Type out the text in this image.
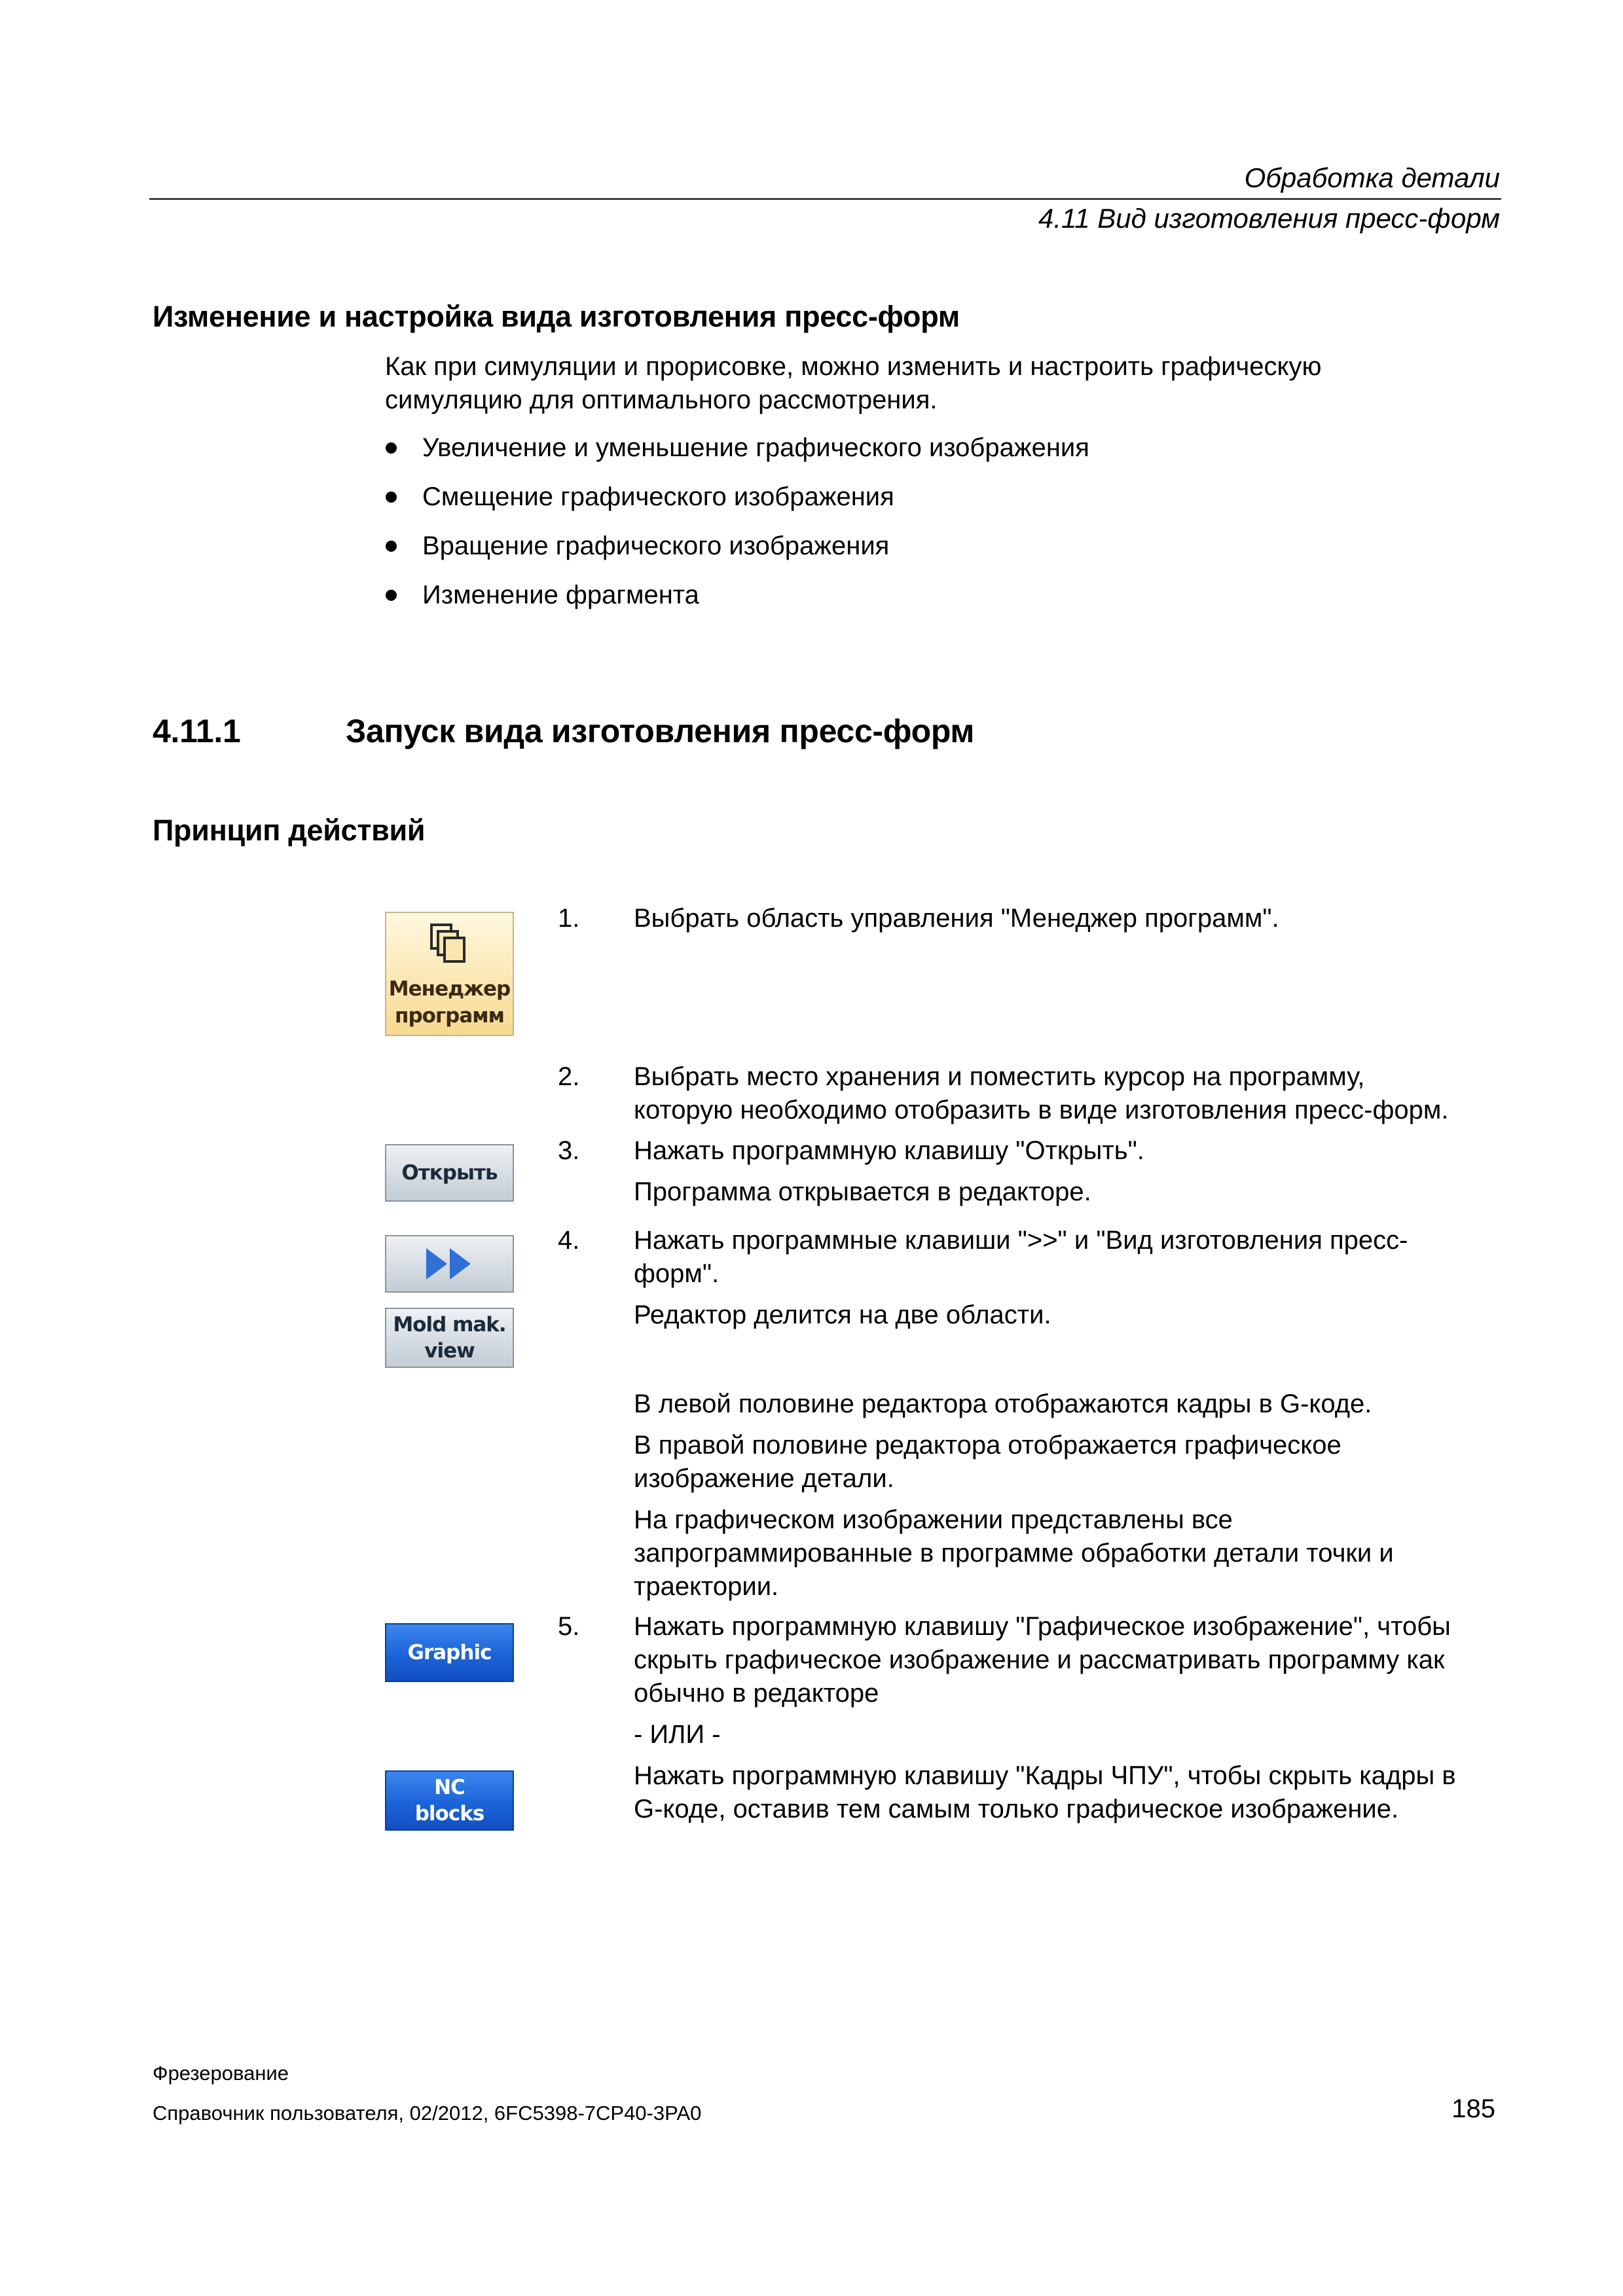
Обработка детали
4.11 Вид изготовления пресс-форм
Изменение и настройка вида изготовления пресс-форм
Как при симуляции и прорисовке, можно изменить и настроить графическую
симуляцию для оптимального рассмотрения.
Увеличение и уменьшение графического изображения
Смещение графического изображения
Вращение графического изображения
Изменение фрагмента
4.11.1	Запуск вида изготовления пресс-форм
Принцип действий
Менеджер
программ
Открыть
Mold mak.
view
Graphic
NC
blocks
1. Выбрать область управления "Менеджер программ".
2. Выбрать место хранения и поместить курсор на программу,
которую необходимо отобразить в виде изготовления пресс-форм.
3. Нажать программную клавишу "Открыть".
Программа открывается в редакторе.
4. Нажать программные клавиши ">>" и "Вид изготовления пресс-
форм".
Редактор делится на две области.
В левой половине редактора отображаются кадры в G-коде.
В правой половине редактора отображается графическое
изображение детали.
На графическом изображении представлены все
запрограммированные в программе обработки детали точки и
траектории.
5. Нажать программную клавишу "Графическое изображение", чтобы
скрыть графическое изображение и рассматривать программу как
обычно в редакторе
- ИЛИ -
Нажать программную клавишу "Кадры ЧПУ", чтобы скрыть кадры в
G-коде, оставив тем самым только графическое изображение.
Фрезерование
Справочник пользователя, 02/2012, 6FC5398-7CP40-3PA0	185
